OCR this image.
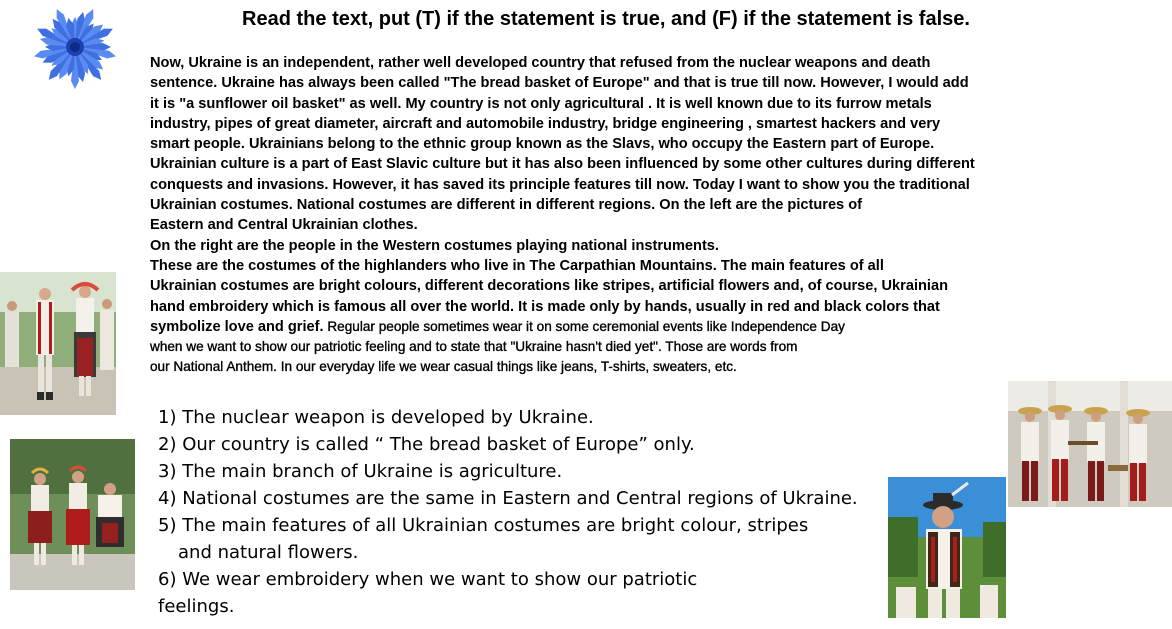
Read the text, put (T) if the statement is true, and (F) if the statement is false.
Now, Ukraine is an independent, rather well developed country that refused from the nuclear weapons and death
sentence. Ukraine has always been called "The bread basket of Europe" and that is true till now. However, I would add
it is "a sunflower oil basket" as well. My country is not only agricultural . It is well known due to its furrow metals
industry, pipes of great diameter, aircraft and automobile industry, bridge engineering , smartest hackers and very
smart people. Ukrainians belong to the ethnic group known as the Slavs, who occupy the Eastern part of Europe.
Ukrainian culture is a part of East Slavic culture but it has also been influenced by some other cultures during different
conquests and invasions. However, it has saved its principle features till now. Today I want to show you the traditional
Ukrainian costumes. National costumes are different in different regions. On the left are the pictures of
Eastern and Central Ukrainian clothes.
On the right are the people in the Western costumes playing national instruments.
These are the costumes of the highlanders who live in The Carpathian Mountains. The main features of all
Ukrainian costumes are bright colours, different decorations like stripes, artificial flowers and, of course, Ukrainian
hand embroidery which is famous all over the world. It is made only by hands, usually in red and black colors that
symbolize love and grief. Regular people sometimes wear it on some ceremonial events like Independence Day
when we want to show our patriotic feeling and to state that "Ukraine hasn't died yet". Those are words from
our National Anthem. In our everyday life we wear casual things like jeans, T-shirts, sweaters, etc.
1) The nuclear weapon is developed by Ukraine.
2) Our country is called “ The bread basket of Europe” only.
3) The main branch of Ukraine is agriculture.
4) National costumes are the same in Eastern and Central regions of Ukraine.
5) The main features of all Ukrainian costumes are bright colour, stripes
and natural flowers.
6) We wear embroidery when we want to show our patriotic
feelings.
